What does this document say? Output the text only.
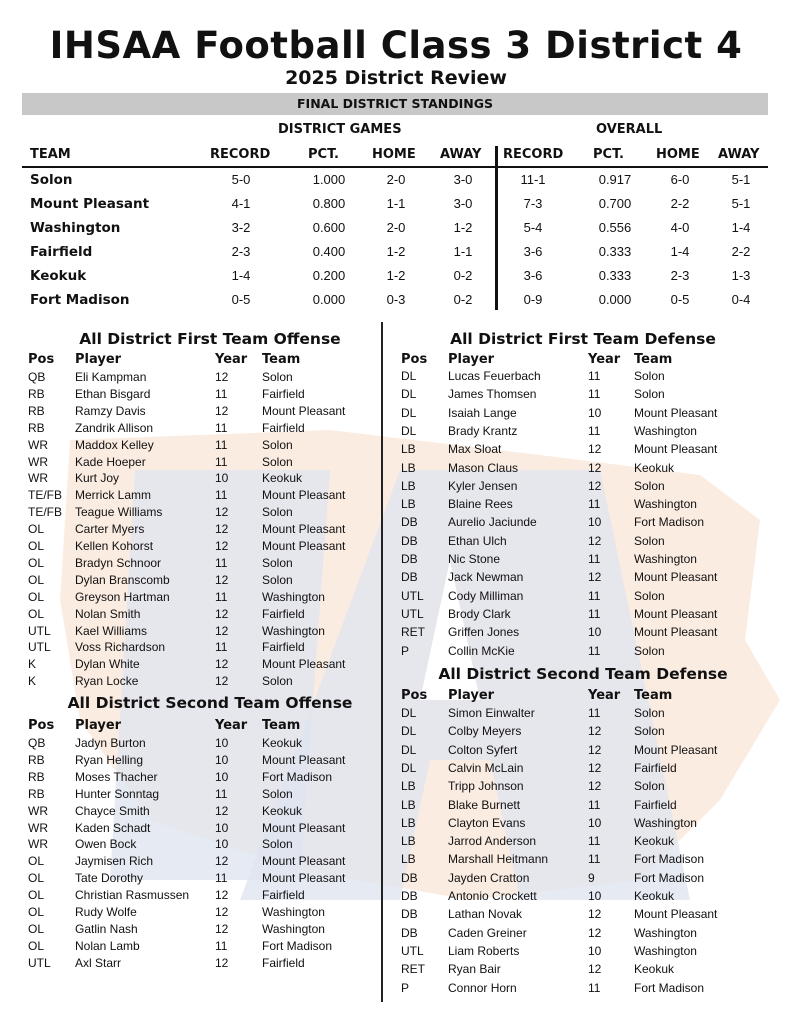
IHSAA Football Class 3 District 4
2025 District Review
FINAL DISTRICT STANDINGS
DISTRICT GAMES	OVERALL
TEAM	RECORD	PCT.	HOME AWAY RECORD PCT. HOME AWAY
Solon	5-0	1.000	2-0	3-0	11-1	0.917	6-0	5-1
Mount Pleasant	4-1	0.800	1-1	3-0	7-3	0.700	2-2	5-1
Washington	3-2	0.600	2-0	1-2	5-4	0.556	4-0	1-4
Fairfield	2-3	0.400	1-2	1-1	3-6	0.333	1-4	2-2
Keokuk	1-4	0.200	1-2	0-2	3-6	0.333	2-3	1-3
Fort Madison	0-5	0.000	0-3	0-2	0-9	0.000	0-5	0-4
All District First Team Offense
Pos Player	Year Team
QB Eli Kampman	12	Solon
RB	Ethan Bisgard	11	Fairfield
RB	Ramzy Davis	12	Mount Pleasant
RB	Zandrik Allison	11	Fairfield
WR Maddox Kelley	11	Solon
WR Kade Hoeper	11	Solon
WR Kurt Joy	10	Keokuk
TE/FB Merrick Lamm	11	Mount Pleasant
TE/FB Teague Williams	12	Solon
OL	Carter Myers	12	Mount Pleasant
OL	Kellen Kohorst	12	Mount Pleasant
OL	Bradyn Schnoor	11	Solon
OL	Dylan Branscomb	12	Solon
OL	Greyson Hartman	11	Washington
OL	Nolan Smith	12	Fairfield
UTL Kael Williams	12	Washington
UTL Voss Richardson	11	Fairfield
K	Dylan White	12	Mount Pleasant
K	Ryan Locke	12	Solon
All District Second Team Offense
Pos Player	Year Team
QB Jadyn Burton	10	Keokuk
RB	Ryan Helling	10	Mount Pleasant
RB	Moses Thacher	10	Fort Madison
RB	Hunter Sonntag	11	Solon
WR Chayce Smith	12	Keokuk
WR Kaden Schadt	10	Mount Pleasant
WR Owen Bock	10	Solon
OL	Jaymisen Rich	12	Mount Pleasant
OL	Tate Dorothy	11	Mount Pleasant
OL	Christian Rasmussen 12	Fairfield
OL	Rudy Wolfe	12	Washington
OL	Gatlin Nash	12	Washington
OL	Nolan Lamb	11	Fort Madison
UTL Axl Starr	12	Fairfield
All District First Team Defense
Pos Player	Year Team
DL	Lucas Feuerbach	11	Solon
DL	James Thomsen	11	Solon
DL	Isaiah Lange	10	Mount Pleasant
DL	Brady Krantz	11	Washington
LB	Max Sloat	12	Mount Pleasant
LB	Mason Claus	12	Keokuk
LB	Kyler Jensen	12	Solon
LB	Blaine Rees	11	Washington
DB	Aurelio Jaciunde	10	Fort Madison
DB	Ethan Ulch	12	Solon
DB	Nic Stone	11	Washington
DB	Jack Newman	12	Mount Pleasant
UTL Cody Milliman	11	Solon
UTL Brody Clark	11	Mount Pleasant
RET Griffen Jones	10	Mount Pleasant
P	Collin McKie	11	Solon
All District Second Team Defense
Pos Player	Year Team
DL	Simon Einwalter	11	Solon
DL	Colby Meyers	12	Solon
DL	Colton Syfert	12	Mount Pleasant
DL	Calvin McLain	12	Fairfield
LB	Tripp Johnson	12	Solon
LB	Blake Burnett	11	Fairfield
LB	Clayton Evans	10	Washington
LB	Jarrod Anderson	11	Keokuk
LB	Marshall Heitmann	11	Fort Madison
DB	Jayden Cratton	9	Fort Madison
DB	Antonio Crockett	10	Keokuk
DB	Lathan Novak	12	Mount Pleasant
DB	Caden Greiner	12	Washington
UTL Liam Roberts	10	Washington
RET Ryan Bair	12	Keokuk
P	Connor Horn	11	Fort Madison
